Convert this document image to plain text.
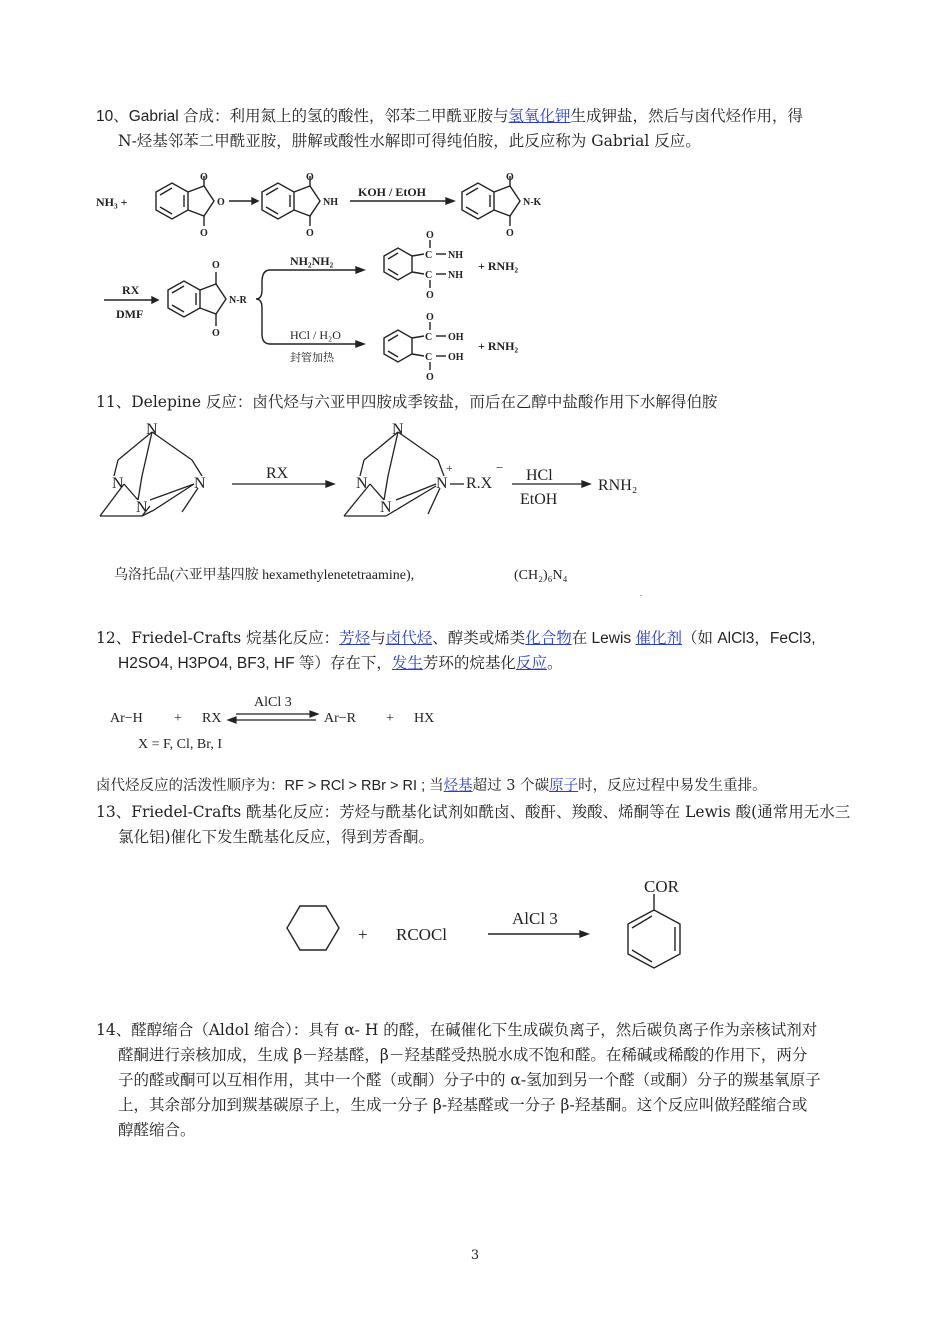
10、Gabrial 合成：利用氮上的氢的酸性，邻苯二甲酰亚胺与氢氧化钾生成钾盐，然后与卤代烃作用，得
N-烃基邻苯二甲酰亚胺，肼解或酸性水解即可得纯伯胺，此反应称为 Gabrial 反应。
NH₃ +
O
O
O
O
O
NH
KOH / EtOH
O
O
N-K
RX
DMF
O
O
N-R
NH₂NH₂
HCl / H₂O
封管加热
O
C
C
O
NH
NH
+ RNH₂
O
C
C
O
OH
OH
+ RNH₂
11、Delepine 反应：卤代烃与六亚甲四胺成季铵盐，而后在乙醇中盐酸作用下水解得伯胺
N
N	N
N
RX
N
N	N
N
+
R.X
− HCl
EtOH
RNH₂
乌洛托品(六亚甲基四胺 hexamethylenetetraamine),	(CH₂)₆N₄
.
12、Friedel-Crafts 烷基化反应：芳烃与卤代烃、醇类或烯类化合物在 Lewis 催化剂（如 AlCl3，FeCl3,
H2SO4, H3PO4, BF3, HF 等）存在下，发生芳环的烷基化反应。
Ar−H + RX
AlCl 3
Ar−R + HX
X = F, Cl, Br, I
卤代烃反应的活泼性顺序为：RF > RCl > RBr > RI ; 当烃基超过 3 个碳原子时，反应过程中易发生重排。
13、Friedel-Crafts 酰基化反应：芳烃与酰基化试剂如酰卤、酸酐、羧酸、烯酮等在 Lewis 酸(通常用无水三
氯化铝)催化下发生酰基化反应，得到芳香酮。
+ RCOCl
AlCl 3
COR
14、醛醇缩合（Aldol 缩合）：具有 α- H 的醛，在碱催化下生成碳负离子，然后碳负离子作为亲核试剂对
醛酮进行亲核加成，生成 β－羟基醛，β－羟基醛受热脱水成不饱和醛。在稀碱或稀酸的作用下，两分
子的醛或酮可以互相作用，其中一个醛（或酮）分子中的 α-氢加到另一个醛（或酮）分子的羰基氧原子
上，其余部分加到羰基碳原子上，生成一分子 β-羟基醛或一分子 β-羟基酮。这个反应叫做羟醛缩合或
醇醛缩合。
3
